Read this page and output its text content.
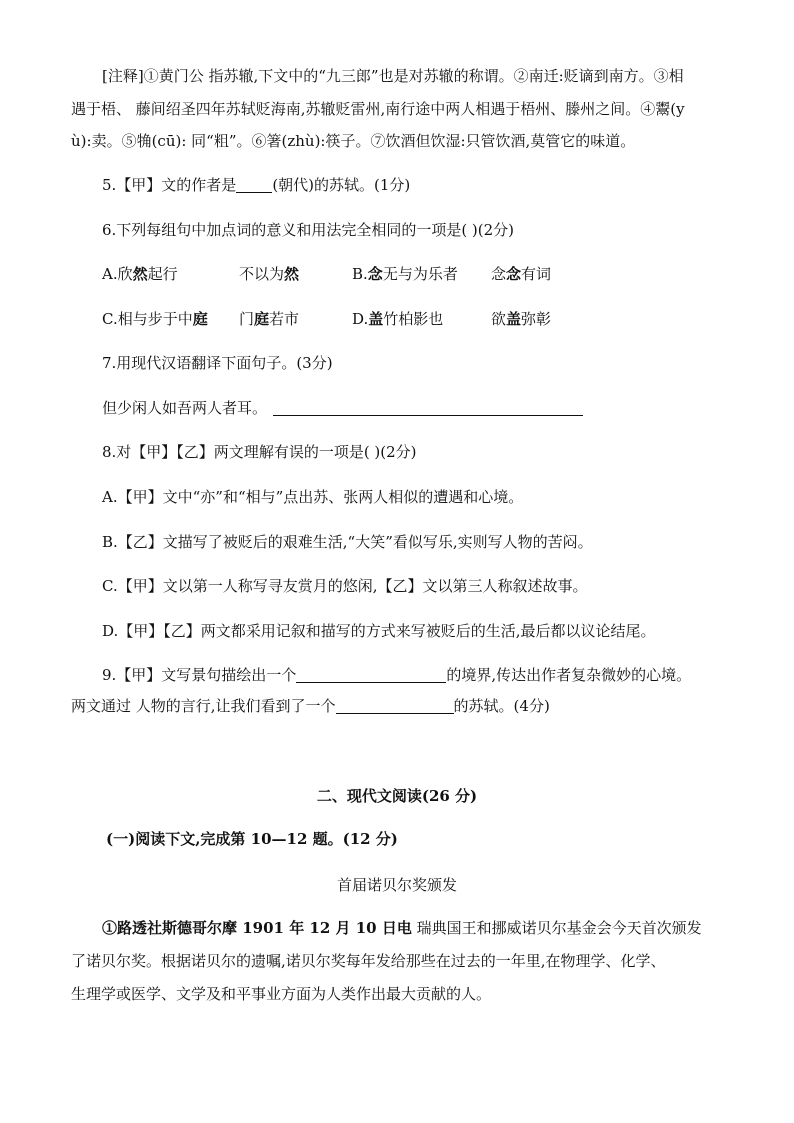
[注释]①黄门公 指苏辙,下文中的“九三郎”也是对苏辙的称谓。②南迁:贬谪到南方。③相
遇于梧、 藤间绍圣四年苏轼贬海南,苏辙贬雷州,南行途中两人相遇于梧州、滕州之间。④鬻(y
ù):卖。⑤觕(cū): 同“粗”。⑥箸(zhù):筷子。⑦饮酒但饮湿:只管饮酒,莫管它的味道。
5.【甲】文的作者是 (朝代)的苏轼。(1分)
6.下列每组句中加点词的意义和用法完全相同的一项是( )(2分)
A.欣然起行	不以为然	B.念无与为乐者 念念有词
C.相与步于中庭 门庭若市	D.盖竹柏影也	欲盖弥彰
7.用现代汉语翻译下面句子。(3分)
但少闲人如吾两人者耳。
8.对【甲】【乙】两文理解有误的一项是( )(2分)
A.【甲】文中“亦”和“相与”点出苏、张两人相似的遭遇和心境。
B.【乙】文描写了被贬后的艰难生活,“大笑”看似写乐,实则写人物的苦闷。
C.【甲】文以第一人称写寻友赏月的悠闲,【乙】文以第三人称叙述故事。
D.【甲】【乙】两文都采用记叙和描写的方式来写被贬后的生活,最后都以议论结尾。
9.【甲】文写景句描绘出一个	的境界,传达出作者复杂微妙的心境。
两文通过 人物的言行,让我们看到了一个	的苏轼。(4分)
二、现代文阅读(26 分)
(一)阅读下文,完成第 10—12 题。(12 分)
首届诺贝尔奖颁发
①路透社斯德哥尔摩 1901 年 12 月 10 日电 瑞典国王和挪威诺贝尔基金会今天首次颁发
了诺贝尔奖。根据诺贝尔的遗嘱,诺贝尔奖每年发给那些在过去的一年里,在物理学、化学、
生理学或医学、文学及和平事业方面为人类作出最大贡献的人。
